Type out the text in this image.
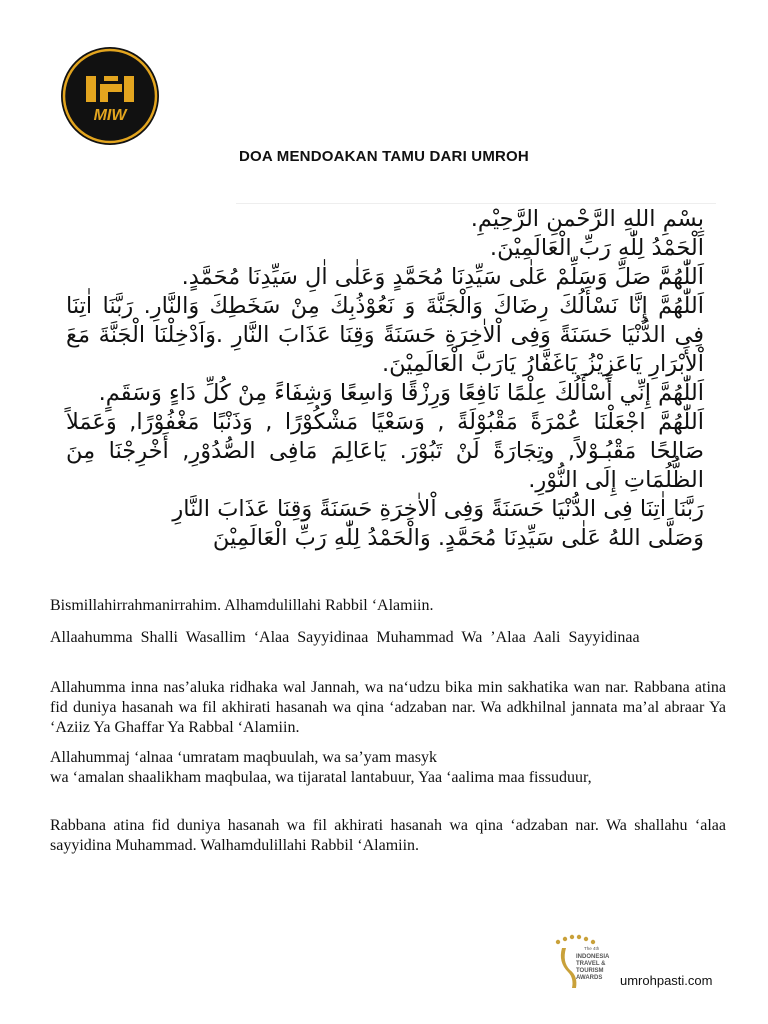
MIW
DOA MENDOAKAN TAMU DARI UMROH

بِسْمِ اللهِ الرَّحْمنِ الرَّحِيْمِ.

اَلْحَمْدُ لِلّٰهِ رَبِّ الْعَالَمِيْنَ.

اَللّٰهُمَّ صَلِّ وَسَلِّمْ عَلٰى سَيِّدِنَا مُحَمَّدٍ وَعَلٰى اٰلِ سَيِّدِنَا مُحَمَّدٍ.

اَللّٰهُمَّ إِنَّا نَسْأَلُكَ رِضَاكَ وَالْجَنَّةَ وَ نَعُوْذُبِكَ مِنْ سَخَطِكَ وَالنَّارِ. رَبَّنَا اٰتِنَا فِى الدُّنْيَا حَسَنَةً وَفِى اْلاٰخِرَةِ حَسَنَةً وَقِنَا عَذَابَ النَّارِ .وَاَدْخِلْنَا الْجَنَّةَ مَعَ اْلأَبْرَارِ يَاعَزِيْزُ يَاغَفَّارُ يَارَبَّ الْعَالَمِيْنَ.

اَللّٰهُمَّ إِنِّي أَسْأَلُكَ عِلْمًا نَافِعًا وَرِزْقًا وَاسِعًا وَشِفَاءً مِنْ كُلِّ دَاءٍ وَسَقَمٍ.

اَللّٰهُمَّ اجْعَلْنَا عُمْرَةً مَقْبُوْلَةً , وَسَعْيًا مَشْكُوْرًا , وَذَنْبًا مَغْفُوْرًا, وَعَمَلاً صَالِحًا مَقْبُـوْلاً, وتِجَارَةً لَنْ تَبُوْرَ. يَاعَالِمَ مَافِى الصُّدُوْرِ, أَخْرِجْنَا مِنَ الظُّلُمَاتِ إِلَى النُّوْرِ.

رَبَّنَا اٰتِنَا فِى الدُّنْيَا حَسَنَةً وَفِى اْلاٰخِرَةِ حَسَنَةً وَقِنَا عَذَابَ النَّارِ

وَصَلَّى اللهُ عَلٰى سَيِّدِنَا مُحَمَّدٍ. وَالْحَمْدُ لِلّٰهِ رَبِّ الْعَالَمِيْنَ

Bismillahirrahmanirrahim. Alhamdulillahi Rabbil ‘Alamiin.

Allaahumma Shalli Wasallim ‘Alaa Sayyidinaa Muhammad Wa ’Alaa Aali Sayyidinaa

Allahumma inna nas’aluka ridhaka wal Jannah, wa na‘udzu bika min sakhatika wan nar. Rabbana atina fid duniya hasanah wa fil akhirati hasanah wa qina ‘adzaban nar. Wa adkhilnal jannata ma’al abraar Ya ‘Aziiz Ya Ghaffar Ya Rabbal ‘Alamiin.

Allahummaj ‘alnaa ‘umratam maqbuulah, wa sa’yam masyk
wa ‘amalan shaalikham maqbulaa, wa tijaratal lantabuur, Yaa ‘aalima maa fissuduur,

Rabbana atina fid duniya hasanah wa fil akhirati hasanah wa qina ‘adzaban nar. Wa shallahu ‘alaa sayyidina Muhammad. Walhamdulillahi Rabbil ‘Alamiin.

The 4th
INDONESIA
TRAVEL &
TOURISM
AWARDS umrohpasti.com
